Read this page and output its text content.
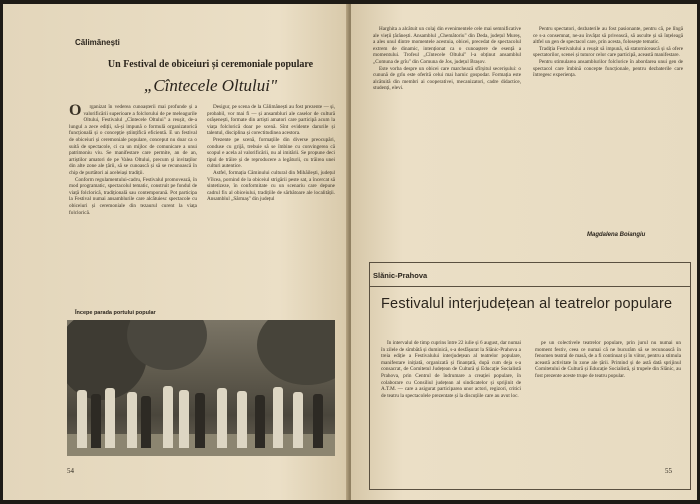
Călimănești
Un Festival de obiceiuri și ceremoniale populare
„Cîntecele Oltului"

O rganizat în vederea cunoașterii mai profunde și a valorificării superioare a folclorului de pe meleagurile Oltului, Festivalul „Cîntecele Oltului" a reușit, de-a lungul a zece ediții, să-și impună o formulă organizatorică funcțională și o concepție științifică eficientă. E un festival de obiceiuri și ceremoniale populare, conceput nu doar ca o suită de spectacole, ci ca un mijloc de comunicare a unui patrimoniu viu. Se manifestare care permite, an de an, artiștilor amatori de pe Valea Oltului, precum și invitaților din alte zone ale țării, să se cunoască și să se recunoască în chip de purtători ai aceleiași tradiții.

Conform regulamentului-cadru, Festivalul promovează, în mod programatic, spectacolul tematic, construit pe fondul de viață folclorică, tradițională sau contemporană. Pot participa la Festival numai ansamblurile care alcătuiesc spectacole cu obiceiuri și ceremoniale din tezaurul curent la viața folclorică.

Desigur, pe scena de la Călimănești au fost prezente — și, probabil, vor mai fi — și ansambluri ale caselor de cultură orășenești, formate din artiști amatori care participă acum la viața folclorică doar pe scenă. Sînt evidente darurile și talentul, disciplina și corectitudinea acestora.

Prezente pe scenă, formațiile din diverse preocupări, conduse cu grijă, trebuie să se îmbine cu convingerea că scopul e acela al valorificării, nu al imitării. Se propune deci tipul de trăire și de reproducere a legăturii, cu trăirea unei culturi autentice.

Astfel, formația Căminului cultural din Mihăilești, județul Vîlcea, pornind de la obiceiul strigării peste sat, a încercat să sintetizeze, în conformitate cu un scenariu care depune cadrul fix al obiceiului, tradițiile de sărbătoare ale localității. Ansamblul „Sărmaș" din județul

Începe parada portului popular
54

Harghita a alcătuit un colaj din evenimentele cele mai semnificative ale vieții țărănești. Ansamblul „Chemătoriu" din Deda, județul Mureș, a ales unul dintre momentele acestuia, obicei, precedat de spectacolul extrem de dinamic, intenționat ca o cunoaștere de esență a momentului. Trofeul „Cîntecele Oltului" l-a obținut ansamblul „Comuna de grîu" din Comuna de Jos, județul Brașov.

Este vorba despre un obicei care marchează sfîrșitul secerișului: o cunună de grîu este oferită celui mai harnic gospodar. Formația este alcătuită din membri ai cooperativei, mecanizatori, cadre didactice, studenți, elevi.

Pentru spectatori, dezbaterile au fost pasionante, pentru că, pe lîngă ce s-a consemnat, ne-au învățat să privească, să asculte și să înțeleagă altfel un gen de spectacol care, prin acesta, folosește tematic.

Tradiția Festivalului a reușit să impună, să statornicească și să ofere spectatorilor, scenei și tuturor celor care participă, această manifestare.

Pentru stimularea ansamblurilor folclorice în abordarea unui gen de spectacol care îmbină concepte funcționale, pentru dezbaterile care întregesc experiența.

Magdalena Boiangiu
Slănic-Prahova
Festivalul interjudețean al teatrelor populare

În intervalul de timp cuprins între 22 iulie și 6 august, dar numai în zilele de sîmbătă și duminică, s-a desfășurat la Slănic-Prahova a treia ediție a Festivalului interjudețean al teatrelor populare, manifestare inițiată, organizată și finanțată, după cum deja s-a consacrat, de Comitetul Județean de Cultură și Educație Socialistă Prahova, prin Centrul de îndrumare a creației populare, în colaborare cu Consiliul județean al sindicatelor și sprijinit de A.T.M. — care a asigurat participarea unor actori, regizori, critici de teatru la spectacolele prezentate și la discuțiile care au avut loc.

pe un colectivele teatrelor populare, prin jurul nu numai un moment festiv, ceea ce numai că ne bucurăm să se recunoască în fenomen teatral de masă, de a fi continuat și în viitor, pentru a stimula această activitate în zone ale țării. Primind și de astă dată sprijinul Comitetului de Cultură și Educație Socialistă, și trupele din Slănic, au fost prezente aceste trupe de teatru popular.

55
